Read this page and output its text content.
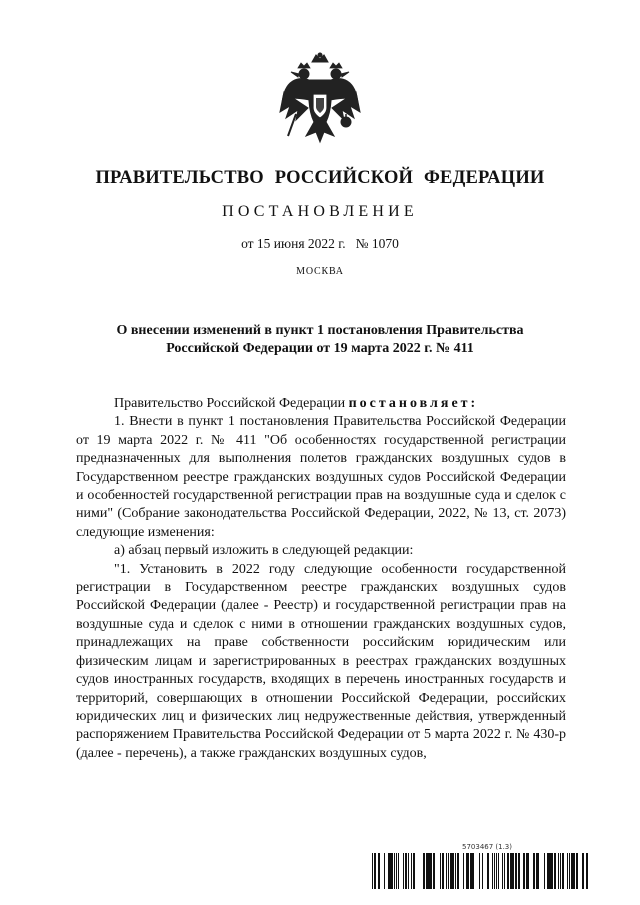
ПРАВИТЕЛЬСТВО РОССИЙСКОЙ ФЕДЕРАЦИИ
ПОСТАНОВЛЕНИЕ
от 15 июня 2022 г. № 1070
МОСКВА
О внесении изменений в пункт 1 постановления Правительства
Российской Федерации от 19 марта 2022 г. № 411

Правительство Российской Федерации постановляет:

1. Внести в пункт 1 постановления Правительства Российской Федерации от 19 марта 2022 г. № 411 "Об особенностях государственной регистрации предназначенных для выполнения полетов гражданских воздушных судов в Государственном реестре гражданских воздушных судов Российской Федерации и особенностей государственной регистрации прав на воздушные суда и сделок с ними" (Собрание законодательства Российской Федерации, 2022, № 13, ст. 2073) следующие изменения:

а) абзац первый изложить в следующей редакции:

"1. Установить в 2022 году следующие особенности государственной регистрации в Государственном реестре гражданских воздушных судов Российской Федерации (далее - Реестр) и государственной регистрации прав на воздушные суда и сделок с ними в отношении гражданских воздушных судов, принадлежащих на праве собственности российским юридическим или физическим лицам и зарегистрированных в реестрах гражданских воздушных судов иностранных государств, входящих в перечень иностранных государств и территорий, совершающих в отношении Российской Федерации, российских юридических лиц и физических лиц недружественные действия, утвержденный распоряжением Правительства Российской Федерации от 5 марта 2022 г. № 430-р (далее - перечень), а также гражданских воздушных судов,

5703467 (1.3)
